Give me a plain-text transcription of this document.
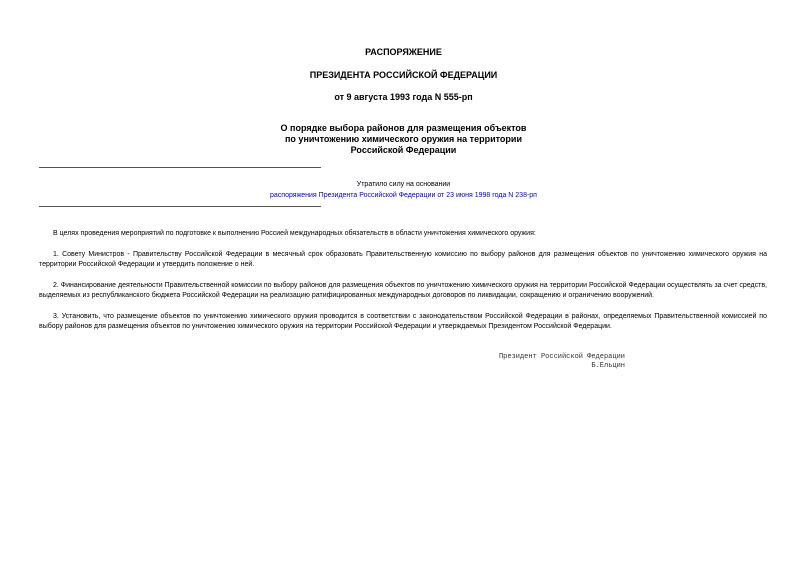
РАСПОРЯЖЕНИЕ
ПРЕЗИДЕНТА РОССИЙСКОЙ ФЕДЕРАЦИИ
от 9 августа 1993 года N 555-рп
О порядке выбора районов для размещения объектов
по уничтожению химического оружия на территории
Российской Федерации
Утратило силу на основании
распоряжения Президента Российской Федерации от 23 июня 1998 года N 238-рп

В целях проведения мероприятий по подготовке к выполнению Россией международных обязательств в области уничтожения химического оружия:

1. Совету Министров - Правительству Российской Федерации в месячный срок образовать Правительственную комиссию по выбору районов для размещения объектов по уничтожению химического оружия на территории Российской Федерации и утвердить положение о ней.

2. Финансирование деятельности Правительственной комиссии по выбору районов для размещения объектов по уничтожению химического оружия на территории Российской Федерации осуществлять за счет средств, выделяемых из республиканского бюджета Российской Федерации на реализацию ратифицированных международных договоров по ликвидации, сокращению и ограничению вооружений.

3. Установить, что размещение объектов по уничтожению химического оружия проводится в соответствии с законодательством Российской Федерации в районах, определяемых Правительственной комиссией по выбору районов для размещения объектов по уничтожению химического оружия на территории Российской Федерации и утверждаемых Президентом Российской Федерации.

Президент Российской Федерации
Б.Ельцин
